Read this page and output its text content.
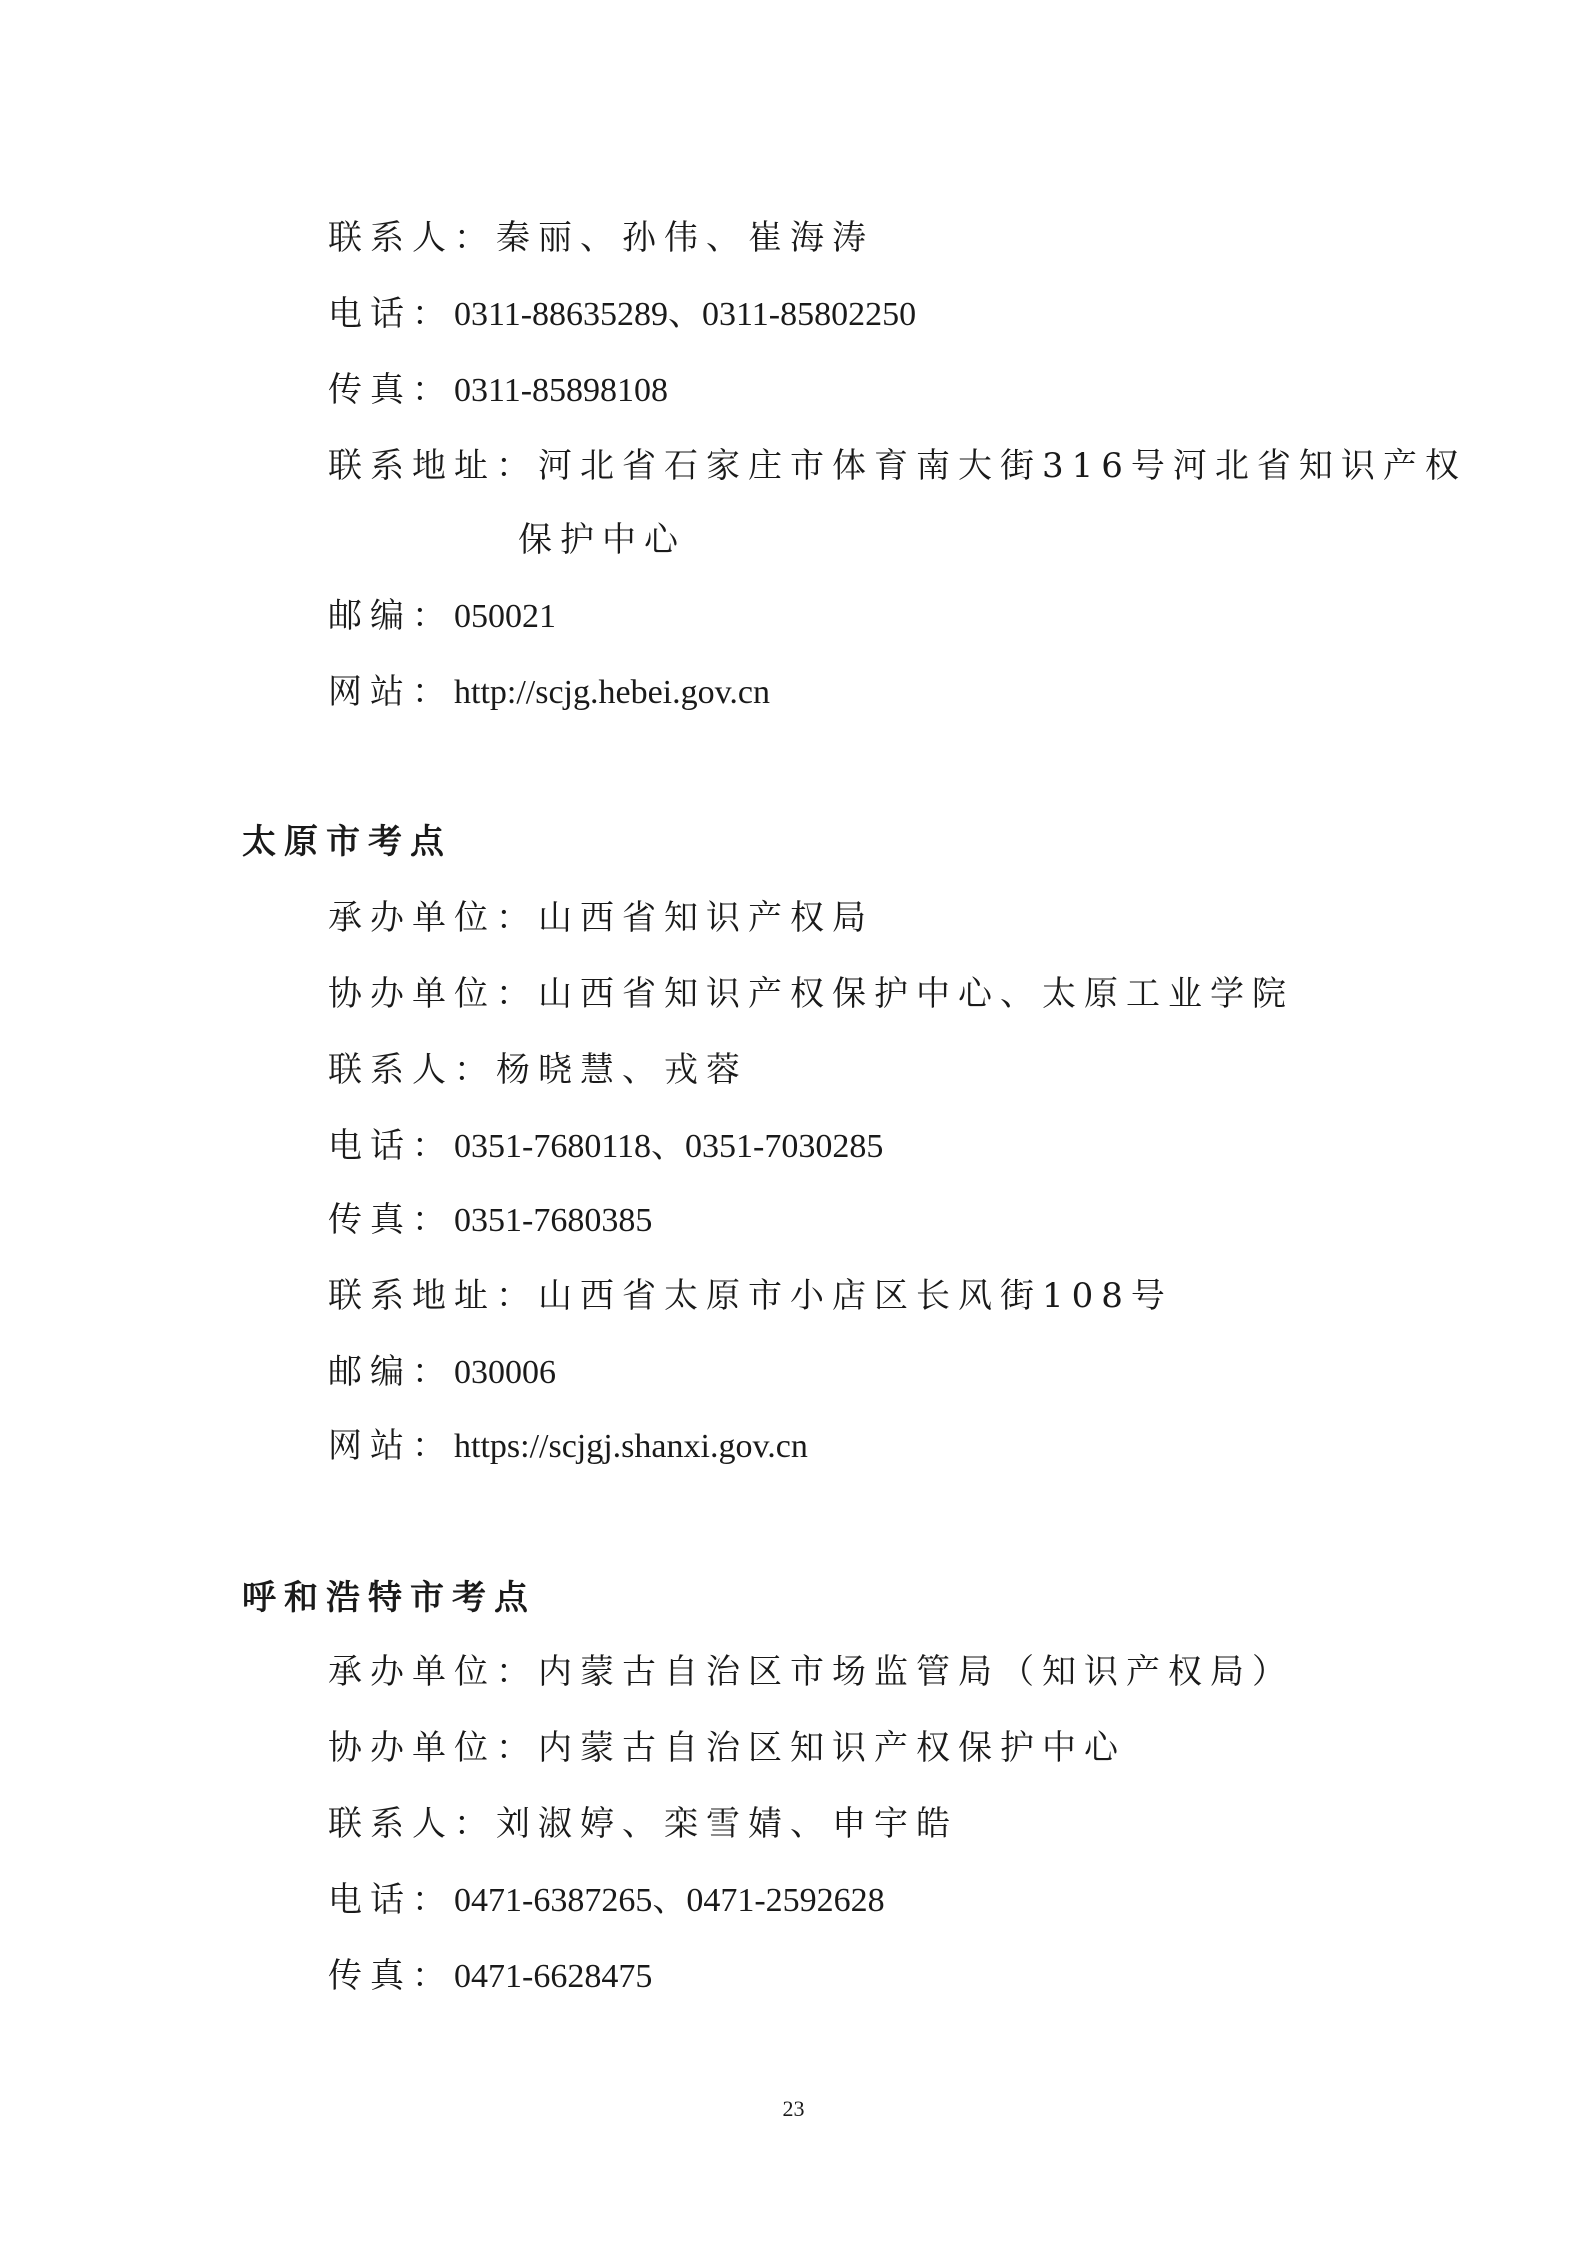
联系人：秦丽、孙伟、崔海涛
电话：0311-88635289、0311-85802250
传真：0311-85898108
联系地址：河北省石家庄市体育南大街316号河北省知识产权
保护中心
邮编：050021
网站：http://scjg.hebei.gov.cn
太原市考点
承办单位：山西省知识产权局
协办单位：山西省知识产权保护中心、太原工业学院
联系人：杨晓慧、戎蓉
电话：0351-7680118、0351-7030285
传真：0351-7680385
联系地址：山西省太原市小店区长风街108号
邮编：030006
网站：https://scjgj.shanxi.gov.cn
呼和浩特市考点
承办单位：内蒙古自治区市场监管局（知识产权局）
协办单位：内蒙古自治区知识产权保护中心
联系人：刘淑婷、栾雪婧、申宇皓
电话：0471-6387265、0471-2592628
传真：0471-6628475
23
